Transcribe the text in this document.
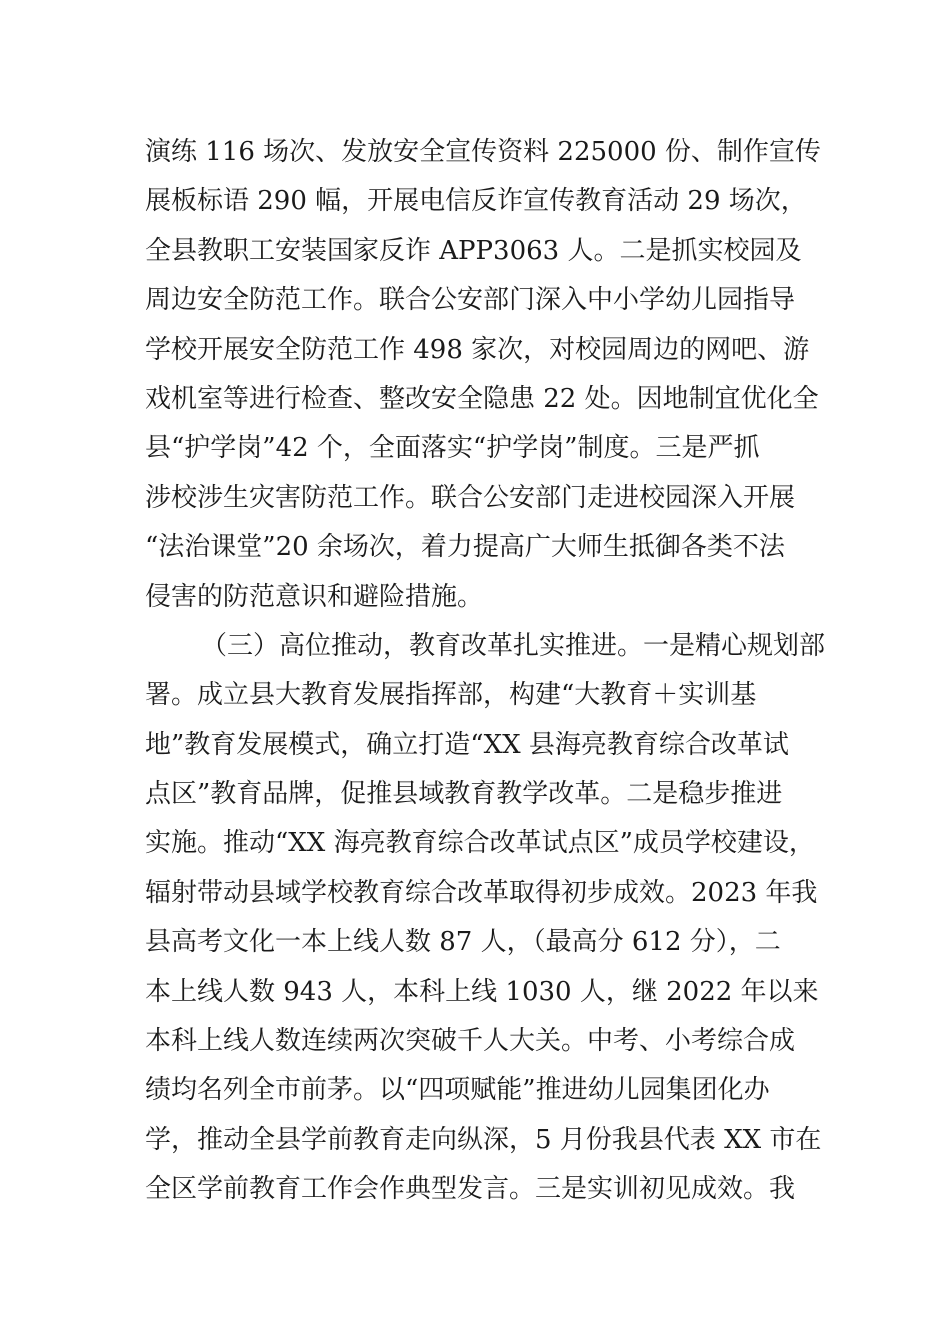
演练 116 场次、发放安全宣传资料 225000 份、制作宣传
展板标语 290 幅，开展电信反诈宣传教育活动 29 场次，
全县教职工安装国家反诈 APP3063 人。二是抓实校园及
周边安全防范工作。联合公安部门深入中小学幼儿园指导
学校开展安全防范工作 498 家次，对校园周边的网吧、游
戏机室等进行检查、整改安全隐患 22 处。因地制宜优化全
县“护学岗”42 个，全面落实“护学岗”制度。三是严抓
涉校涉生灾害防范工作。联合公安部门走进校园深入开展
“法治课堂”20 余场次，着力提高广大师生抵御各类不法
侵害的防范意识和避险措施。
（三）高位推动，教育改革扎实推进。一是精心规划部
署。成立县大教育发展指挥部，构建“大教育＋实训基
地”教育发展模式，确立打造“XX 县海亮教育综合改革试
点区”教育品牌，促推县域教育教学改革。二是稳步推进
实施。推动“XX 海亮教育综合改革试点区”成员学校建设，
辐射带动县域学校教育综合改革取得初步成效。2023 年我
县高考文化一本上线人数 87 人，（最高分 612 分），二
本上线人数 943 人，本科上线 1030 人，继 2022 年以来
本科上线人数连续两次突破千人大关。中考、小考综合成
绩均名列全市前茅。以“四项赋能”推进幼儿园集团化办
学，推动全县学前教育走向纵深，5 月份我县代表 XX 市在
全区学前教育工作会作典型发言。三是实训初见成效。我
